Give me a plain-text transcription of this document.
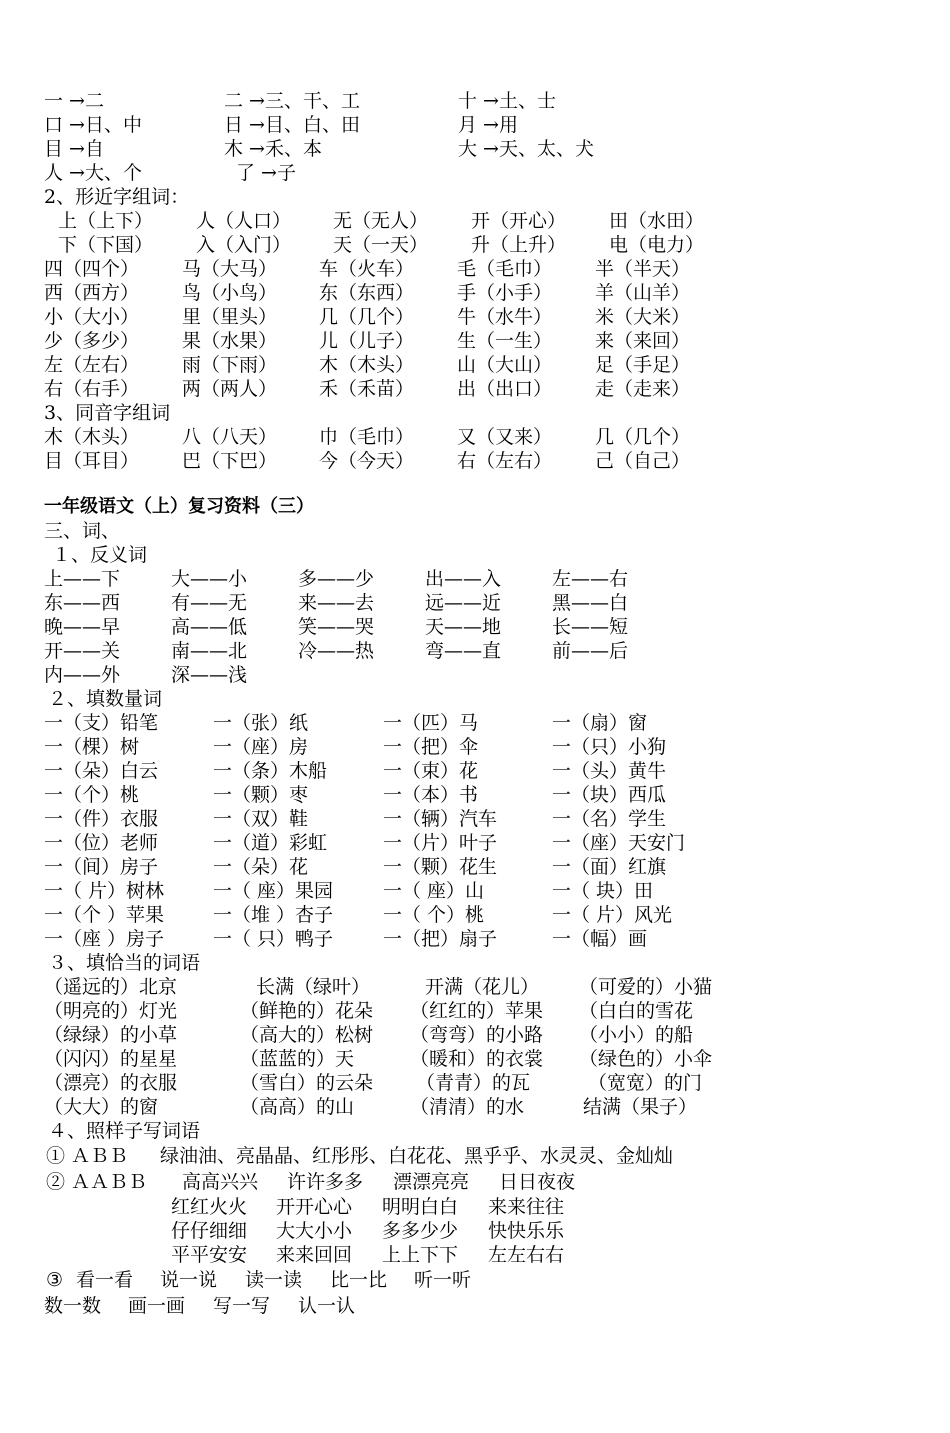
一 →二	二 →三、干、工	十 →土、士
口 →日、中	日 →目、白、田	月 →用
目 →自	木 →禾、本	大 →天、太、犬
人 →大、个	了 →子
2、形近字组词：
上（上下） 人（人口） 无（无人） 开（开心） 田（水田）
下（下国） 入（入门） 天（一天） 升（上升） 电（电力）
四（四个） 马（大马） 车（火车） 毛（毛巾） 半（半天）
西（西方） 鸟（小鸟） 东（东西） 手（小手） 羊（山羊）
小（大小） 里（里头） 几（几个） 牛（水牛） 米（大米）
少（多少） 果（水果） 儿（儿子） 生（一生） 来（来回）
左（左右） 雨（下雨） 木（木头） 山（大山） 足（手足）
右（右手） 两（两人） 禾（禾苗） 出（出口） 走（走来）
3、同音字组词
木（木头） 八（八天） 巾（毛巾） 又（又来） 几（几个）
目（耳目） 巴（下巴） 今（今天） 右（左右） 己（自己）
一年级语文（上）复习资料（三）
三、词、
１、反义词
上——下	大——小	多——少	出——入	左——右
东——西	有——无	来——去	远——近	黑——白
晚——早	高——低	笑——哭	天——地	长——短
开——关	南——北	冷——热	弯——直	前——后
内——外	深——浅
２、填数量词
一（支）铅笔	一（张）纸	一（匹）马	一（扇）窗
一（棵）树	一（座）房	一（把）伞	一（只）小狗
一（朵）白云	一（条）木船	一（束）花	一（头）黄牛
一（个）桃	一（颗）枣	一（本）书	一（块）西瓜
一（件）衣服	一（双）鞋	一（辆）汽车	一（名）学生
一（位）老师	一（道）彩虹	一（片）叶子	一（座）天安门
一（间）房子	一（朵）花	一（颗）花生	一（面）红旗
一（ 片）树林	一（ 座）果园	一（ 座）山	一（ 块）田
一（个 ）苹果	一（堆 ）杏子	一（ 个）桃	一（ 片）风光
一（座 ）房子	一（ 只）鸭子	一（把）扇子	一（幅）画
３、填恰当的词语
（遥远的）北京	长满（绿叶）	开满（花儿） （可爱的）小猫
（明亮的）灯光	（鲜艳的）花朵 （红红的）苹果 （白白的雪花
（绿绿）的小草	（高大的）松树 （弯弯）的小路 （小小）的船
（闪闪）的星星	（蓝蓝的）天	（暖和）的衣裳 （绿色的）小伞
（漂亮）的衣服	（雪白）的云朵 （青青）的瓦	（宽宽）的门
（大大）的窗	（高高）的山	（清清）的水	结满（果子）
４、照样子写词语
① ＡＢＢ 绿油油、亮晶晶、红彤彤、白花花、黑乎乎、水灵灵、金灿灿
② ＡＡＢＢ 高高兴兴 许许多多 漂漂亮亮 日日夜夜
红红火火 开开心心 明明白白 来来往往
仔仔细细 大大小小 多多少少 快快乐乐
平平安安 来来回回 上上下下 左左右右
③ 看一看 说一说 读一读 比一比 听一听
数一数 画一画 写一写 认一认
